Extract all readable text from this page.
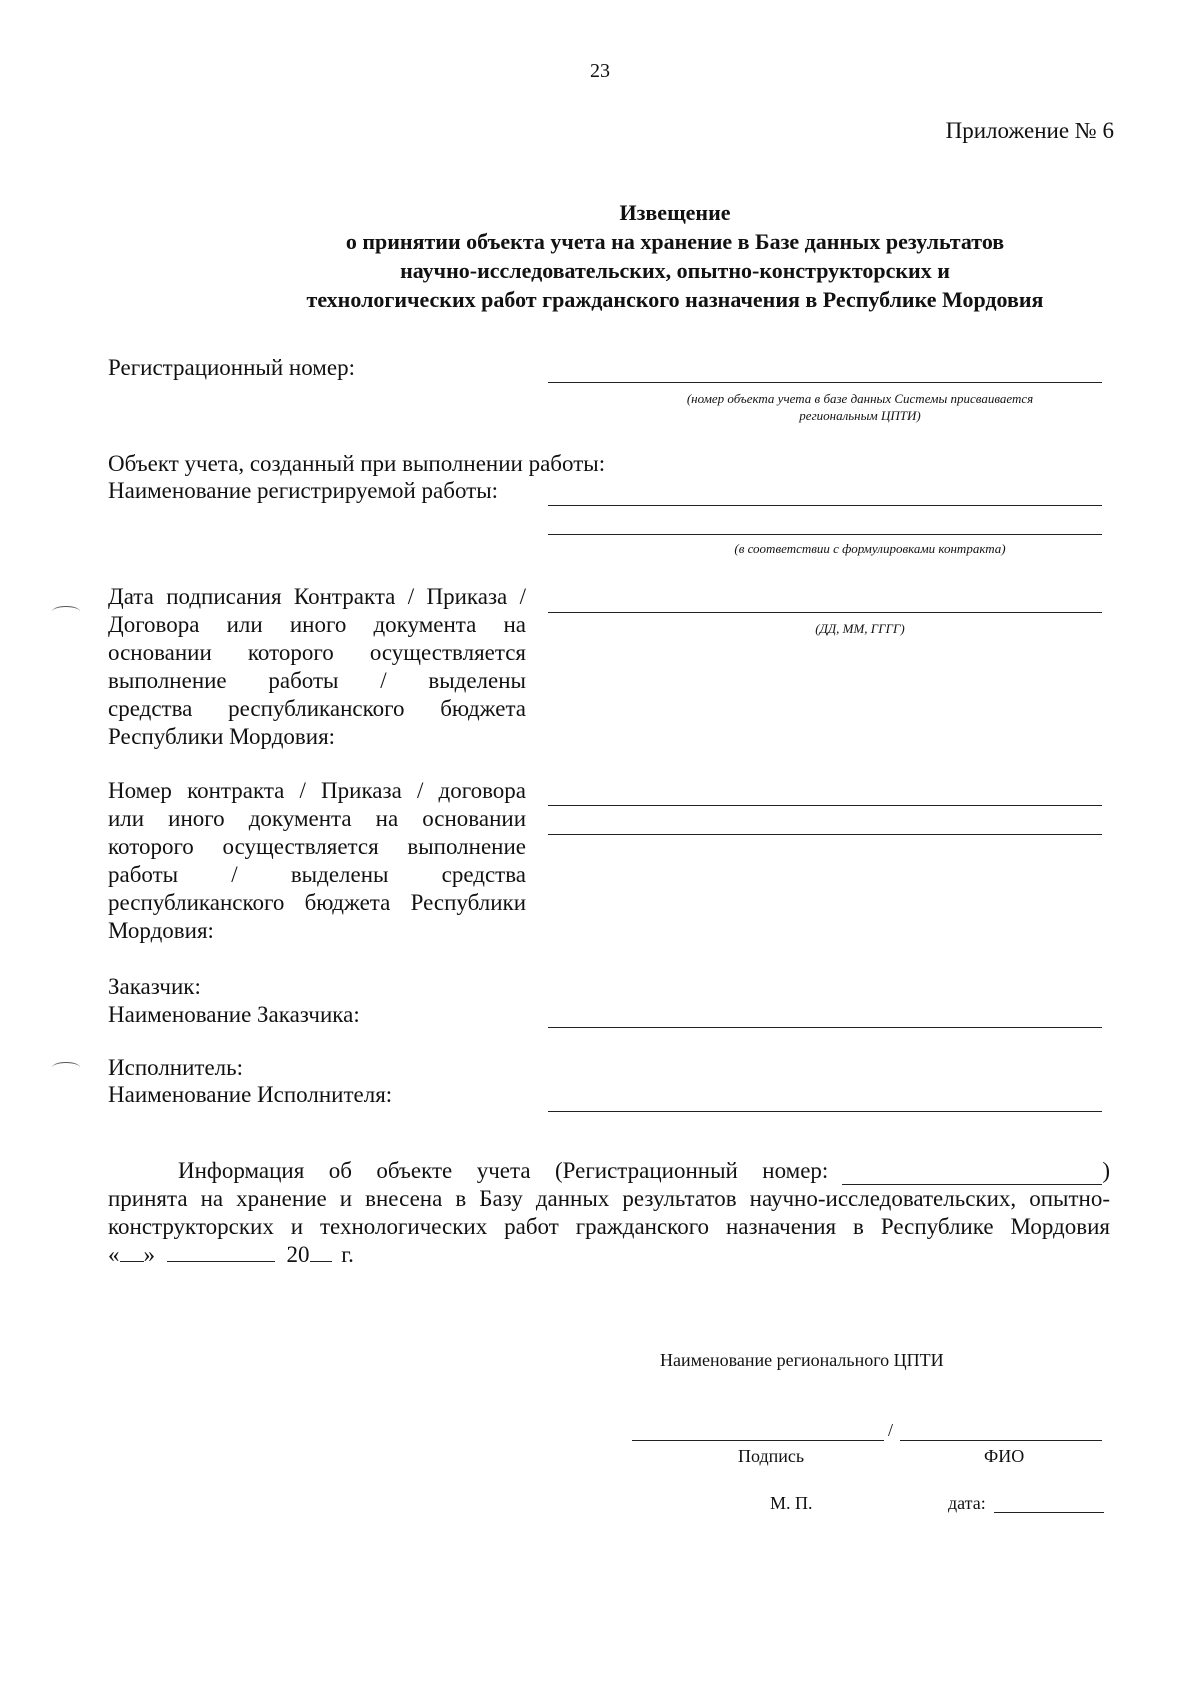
23
Приложение № 6
Извещение
о принятии объекта учета на хранение в Базе данных результатов
научно-исследовательских, опытно-конструкторских и
технологических работ гражданского назначения в Республике Мордовия
Регистрационный номер:
(номер объекта учета в базе данных Системы присваивается
региональным ЦПТИ)
Объект учета, созданный при выполнении работы:
Наименование регистрируемой работы:
(в соответствии с формулировками контракта)
Дата подписания Контракта / Приказа /
Договора или иного документа на
основании которого осуществляется
выполнение работы / выделены
средства республиканского бюджета
Республики Мордовия:
(ДД, ММ, ГГГГ)
Номер контракта / Приказа / договора
или иного документа на основании
которого осуществляется выполнение
работы / выделены средства
республиканского бюджета Республики
Мордовия:
Заказчик:
Наименование Заказчика:
Исполнитель:
Наименование Исполнителя:
Информация об объекте учета (Регистрационный номер:	)
принята на хранение и внесена в Базу данных результатов научно-исследовательских, опытно-
конструкторских и технологических работ гражданского назначения в Республике Мордовия
« »	20 г.
Наименование регионального ЦПТИ
/
Подпись	ФИО
М. П.	дата:
